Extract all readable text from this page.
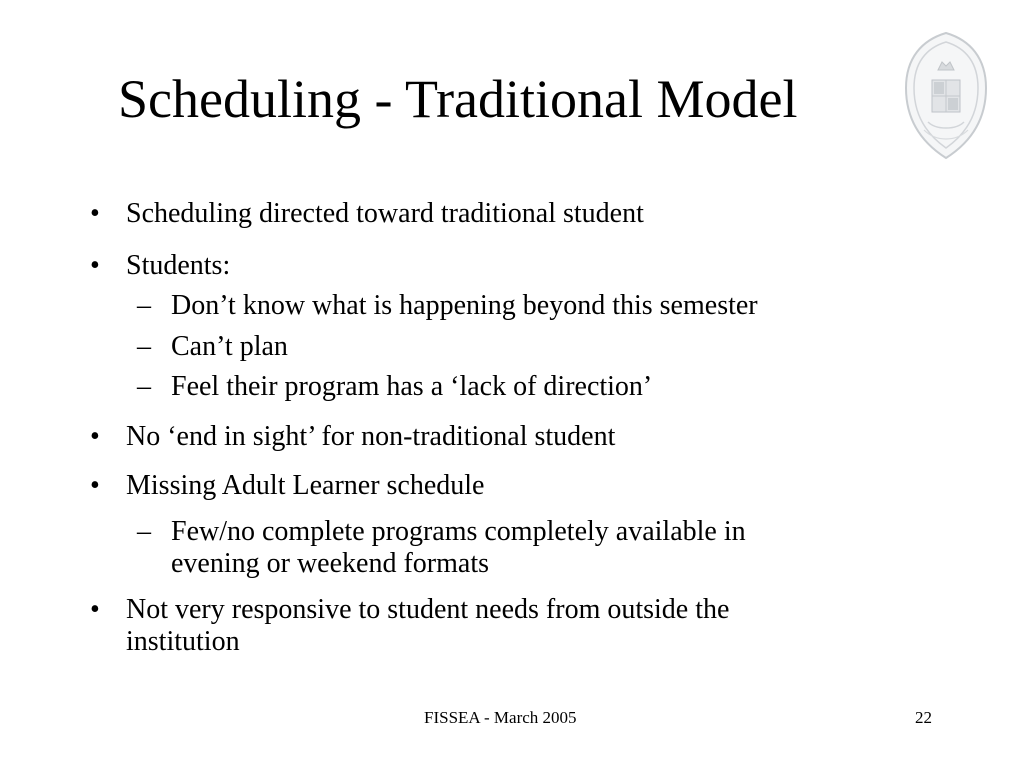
Scheduling - Traditional Model
• Scheduling directed toward traditional student
• Students:
– Don’t know what is happening beyond this semester
– Can’t plan
– Feel their program has a ‘lack of direction’
• No ‘end in sight’ for non-traditional student
• Missing Adult Learner schedule
– Few/no complete programs completely available in
evening or weekend formats
• Not very responsive to student needs from outside the
institution
FISSEA - March 2005	22
